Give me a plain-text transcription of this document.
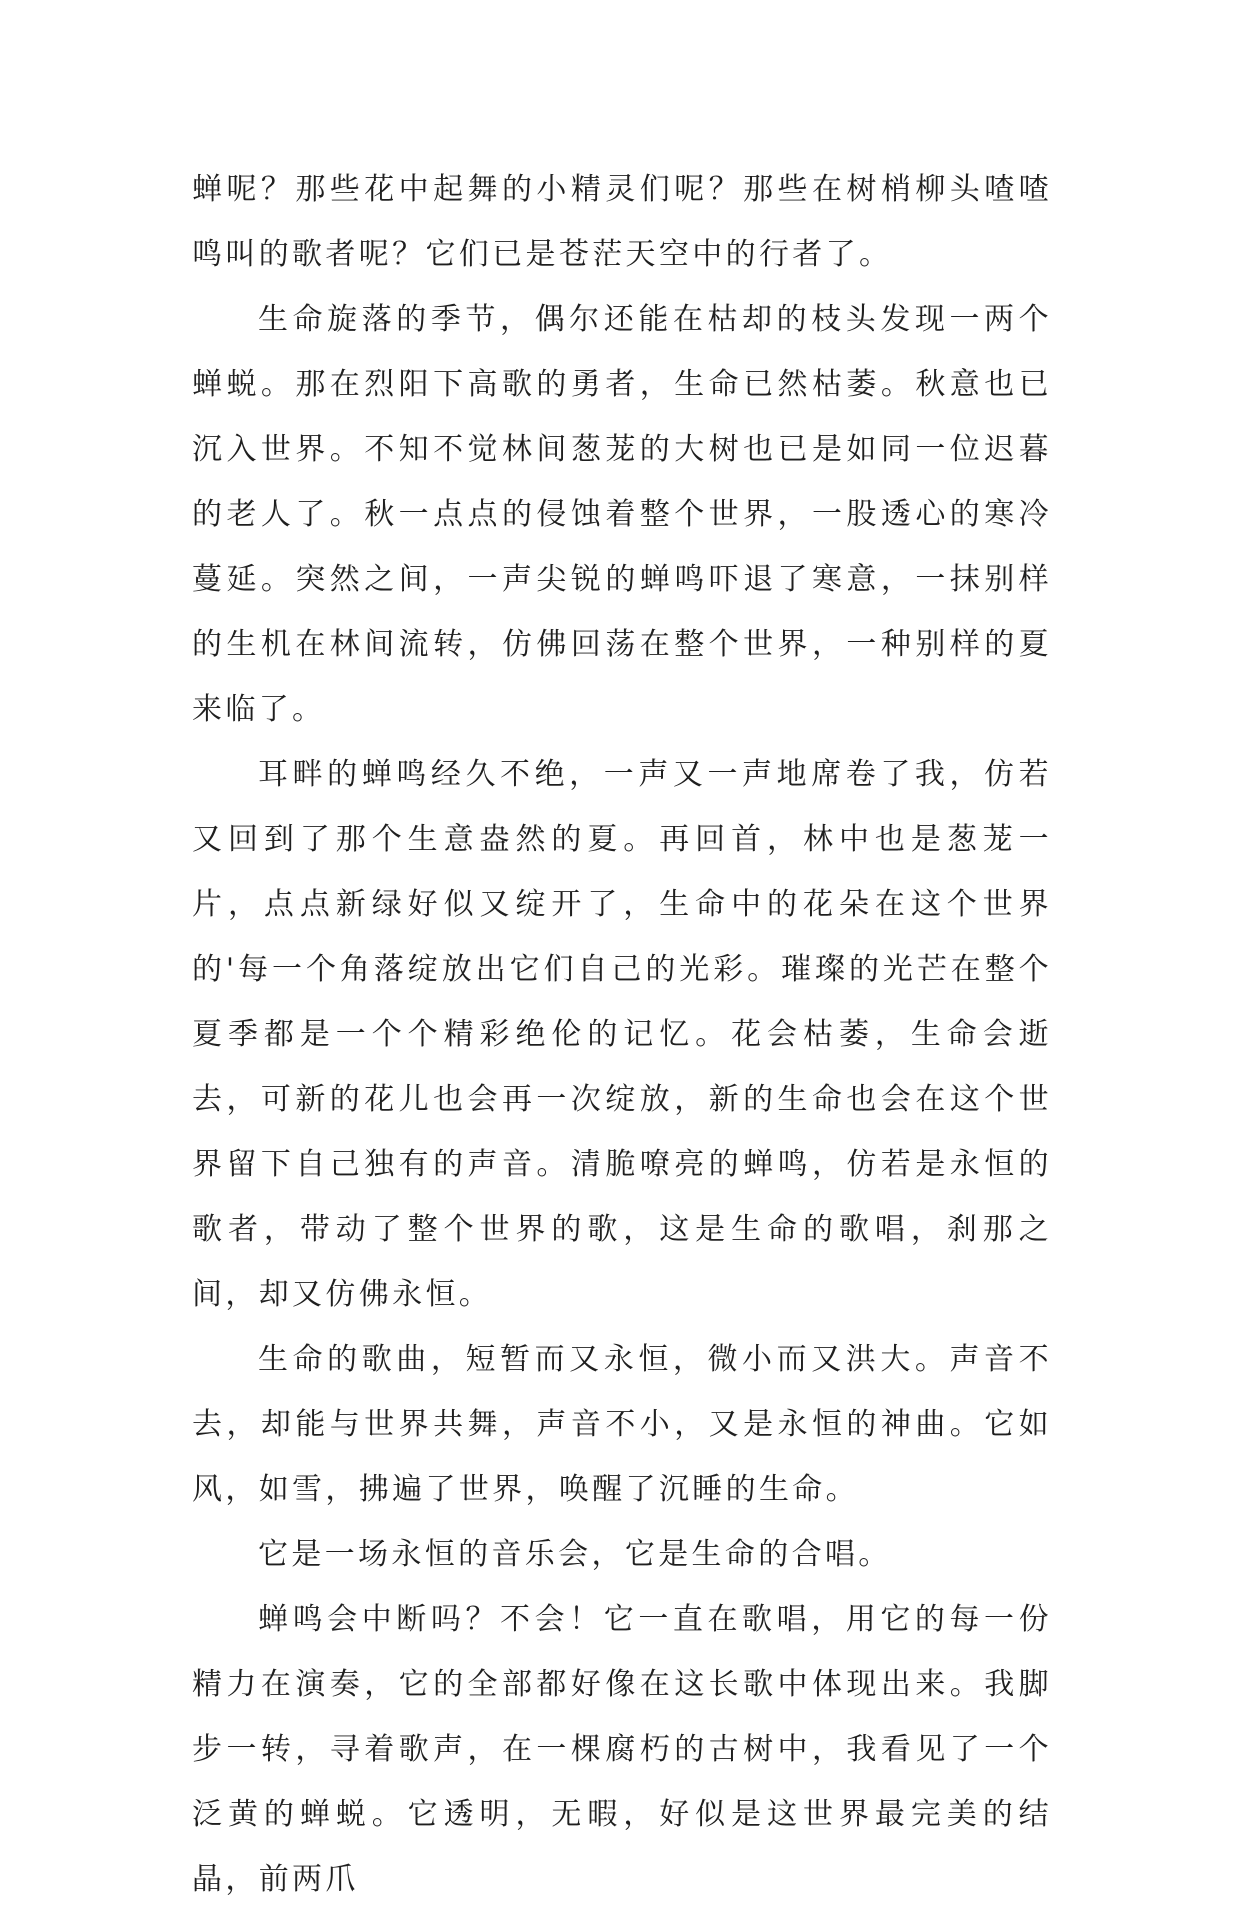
蝉呢？那些花中起舞的小精灵们呢？那些在树梢柳头喳喳鸣叫的歌者呢？它们已是苍茫天空中的行者了。

生命旋落的季节，偶尔还能在枯却的枝头发现一两个蝉蜕。那在烈阳下高歌的勇者，生命已然枯萎。秋意也已沉入世界。不知不觉林间葱茏的大树也已是如同一位迟暮的老人了。秋一点点的侵蚀着整个世界，一股透心的寒冷蔓延。突然之间，一声尖锐的蝉鸣吓退了寒意，一抹别样的生机在林间流转，仿佛回荡在整个世界，一种别样的夏来临了。

耳畔的蝉鸣经久不绝，一声又一声地席卷了我，仿若又回到了那个生意盎然的夏。再回首，林中也是葱茏一片，点点新绿好似又绽开了，生命中的花朵在这个世界的'每一个角落绽放出它们自己的光彩。璀璨的光芒在整个夏季都是一个个精彩绝伦的记忆。花会枯萎，生命会逝去，可新的花儿也会再一次绽放，新的生命也会在这个世界留下自己独有的声音。清脆嘹亮的蝉鸣，仿若是永恒的歌者，带动了整个世界的歌，这是生命的歌唱，刹那之间，却又仿佛永恒。

生命的歌曲，短暂而又永恒，微小而又洪大。声音不去，却能与世界共舞，声音不小，又是永恒的神曲。它如风，如雪，拂遍了世界，唤醒了沉睡的生命。

它是一场永恒的音乐会，它是生命的合唱。

蝉鸣会中断吗？不会！它一直在歌唱，用它的每一份精力在演奏，它的全部都好像在这长歌中体现出来。我脚步一转，寻着歌声，在一棵腐朽的古树中，我看见了一个泛黄的蝉蜕。它透明，无暇，好似是这世界最完美的结晶，前两爪
